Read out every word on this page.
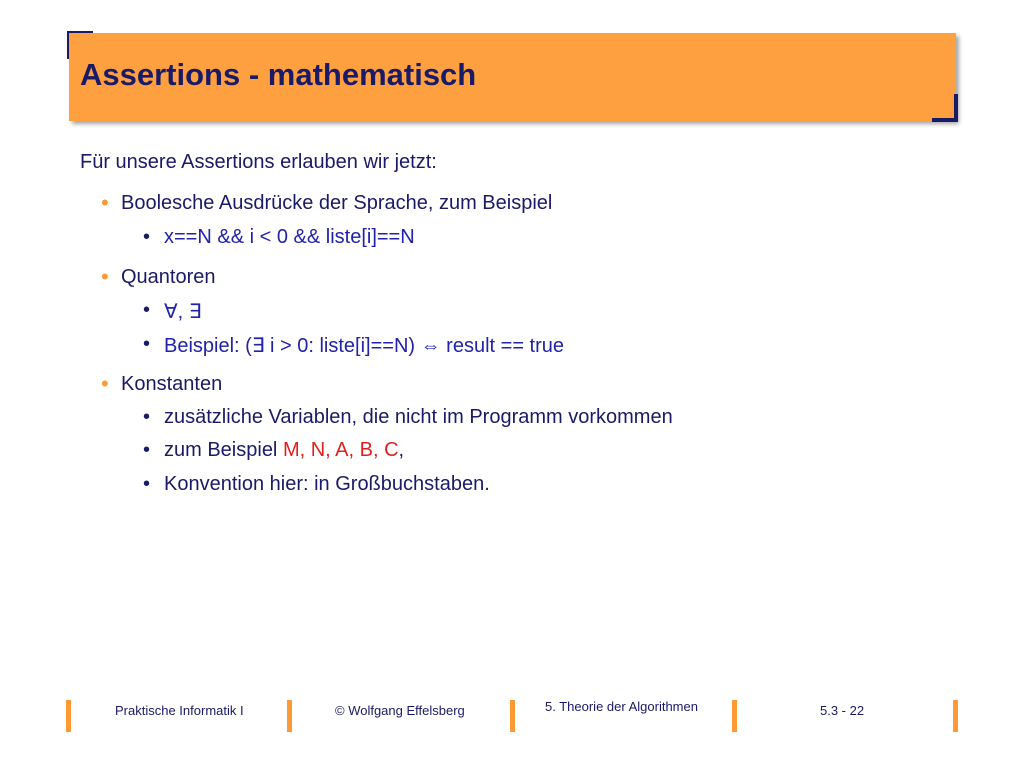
Assertions - mathematisch
Für unsere Assertions erlauben wir jetzt:
• Boolesche Ausdrücke der Sprache, zum Beispiel
• x==N && i < 0 && liste[i]==N
• Quantoren
• ∀, ∃
• Beispiel: (∃ i > 0: liste[i]==N) ⇔ result == true
• Konstanten
• zusätzliche Variablen, die nicht im Programm vorkommen
• zum Beispiel M, N, A, B, C,
• Konvention hier: in Großbuchstaben.
Praktische Informatik I	© Wolfgang Effelsberg	5. Theorie der Algorithmen	5.3 - 22
